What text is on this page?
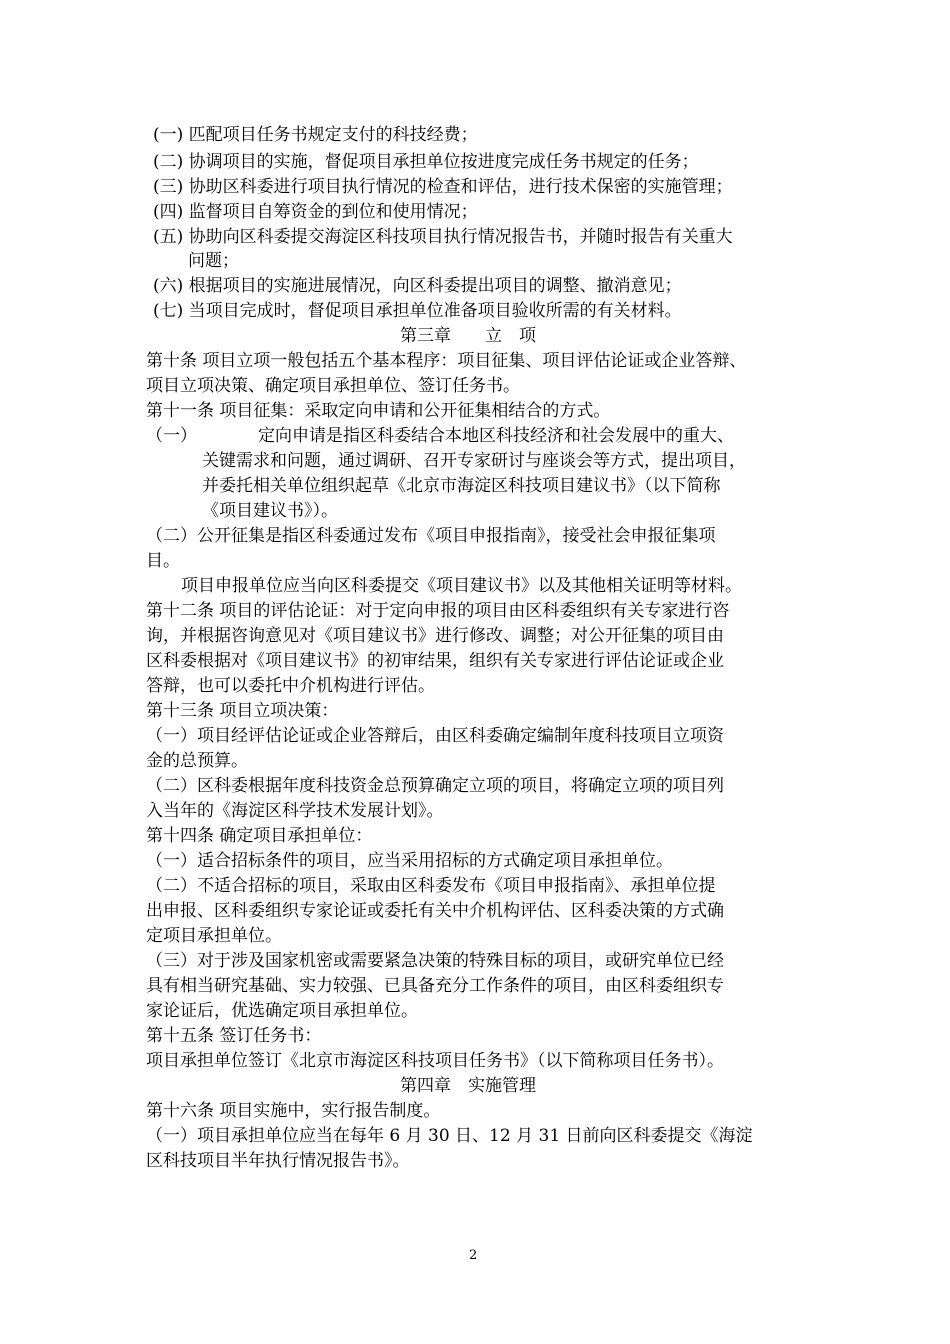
(一) 匹配项目任务书规定支付的科技经费；
(二) 协调项目的实施，督促项目承担单位按进度完成任务书规定的任务；
(三) 协助区科委进行项目执行情况的检查和评估，进行技术保密的实施管理；
(四) 监督项目自筹资金的到位和使用情况；
(五) 协助向区科委提交海淀区科技项目执行情况报告书，并随时报告有关重大
问题；
(六) 根据项目的实施进展情况，向区科委提出项目的调整、撤消意见；
(七) 当项目完成时，督促项目承担单位准备项目验收所需的有关材料。
第三章　　立　项
第十条 项目立项一般包括五个基本程序：项目征集、项目评估论证或企业答辩、
项目立项决策、确定项目承担单位、签订任务书。
第十一条 项目征集：采取定向申请和公开征集相结合的方式。
（一）	定向申请是指区科委结合本地区科技经济和社会发展中的重大、
关键需求和问题，通过调研、召开专家研讨与座谈会等方式，提出项目，
并委托相关单位组织起草《北京市海淀区科技项目建议书》（以下简称
《项目建议书》）。
（二）公开征集是指区科委通过发布《项目申报指南》，接受社会申报征集项
目。
项目申报单位应当向区科委提交《项目建议书》以及其他相关证明等材料。
第十二条 项目的评估论证：对于定向申报的项目由区科委组织有关专家进行咨
询，并根据咨询意见对《项目建议书》进行修改、调整；对公开征集的项目由
区科委根据对《项目建议书》的初审结果，组织有关专家进行评估论证或企业
答辩，也可以委托中介机构进行评估。
第十三条 项目立项决策：
（一）项目经评估论证或企业答辩后，由区科委确定编制年度科技项目立项资
金的总预算。
（二）区科委根据年度科技资金总预算确定立项的项目，将确定立项的项目列
入当年的《海淀区科学技术发展计划》。
第十四条 确定项目承担单位：
（一）适合招标条件的项目，应当采用招标的方式确定项目承担单位。
（二）不适合招标的项目，采取由区科委发布《项目申报指南》、承担单位提
出申报、区科委组织专家论证或委托有关中介机构评估、区科委决策的方式确
定项目承担单位。
（三）对于涉及国家机密或需要紧急决策的特殊目标的项目，或研究单位已经
具有相当研究基础、实力较强、已具备充分工作条件的项目，由区科委组织专
家论证后，优选确定项目承担单位。
第十五条 签订任务书：
项目承担单位签订《北京市海淀区科技项目任务书》（以下简称项目任务书）。
第四章　实施管理
第十六条 项目实施中，实行报告制度。
（一）项目承担单位应当在每年 6 月 30 日、12 月 31 日前向区科委提交《海淀
区科技项目半年执行情况报告书》。
2
